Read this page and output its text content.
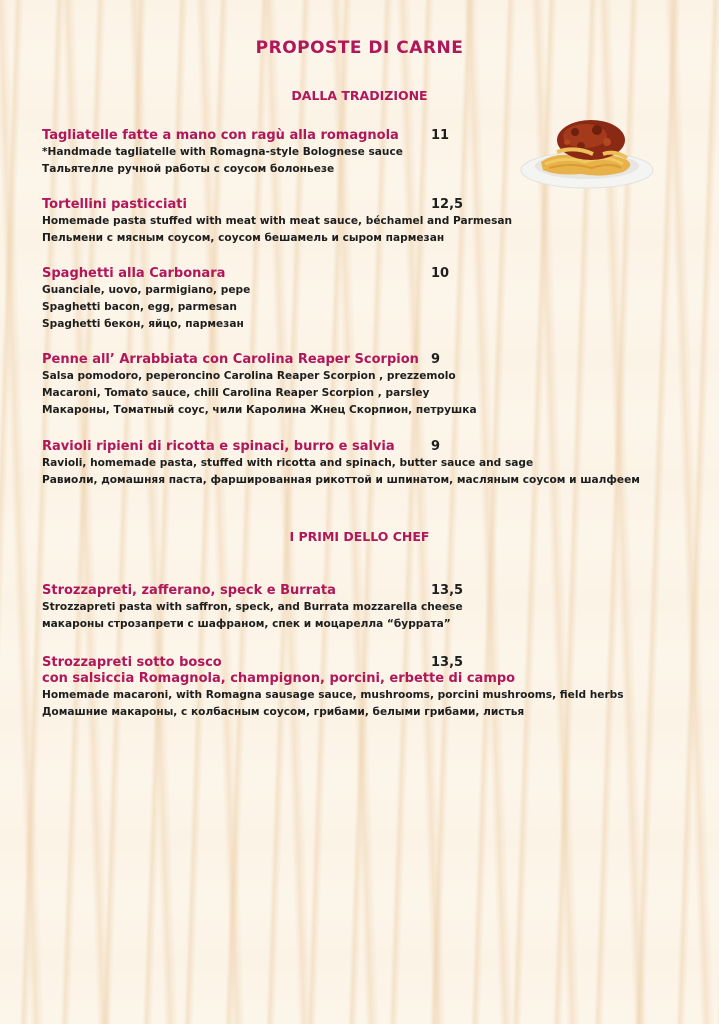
PROPOSTE DI CARNE
DALLA TRADIZIONE
Tagliatelle fatte a mano con ragù alla romagnola 11
*Handmade tagliatelle with Romagna-style Bolognese sauce
Тальятелле ручной работы с соусом болоньезе
Tortellini pasticciati	12,5
Homemade pasta stuffed with meat with meat sauce, béchamel and Parmesan
Пельмени с мясным соусом, соусом бешамель и сыром пармезан
Spaghetti alla Carbonara	10
Guanciale, uovo, parmigiano, pepe
Spaghetti bacon, egg, parmesan
Spaghetti бекон, яйцо, пармезан
Penne all’ Arrabbiata con Carolina Reaper Scorpion 9
Salsa pomodoro, peperoncino Carolina Reaper Scorpion , prezzemolo
Macaroni, Tomato sauce, chili Carolina Reaper Scorpion , parsley
Макароны, Томатный соус, чили Каролина Жнец Скорпион, петрушка
Ravioli ripieni di ricotta e spinaci, burro e salvia	9
Ravioli, homemade pasta, stuffed with ricotta and spinach, butter sauce and sage
Равиоли, домашняя паста, фаршированная рикоттой и шпинатом, масляным соусом и шалфеем
I PRIMI DELLO CHEF
Strozzapreti, zafferano, speck e Burrata	13,5
Strozzapreti pasta with saffron, speck, and Burrata mozzarella cheese
макароны строзапрети с шафраном, спек и моцарелла “буррата”
Strozzapreti sotto bosco	13,5
con salsiccia Romagnola, champignon, porcini, erbette di campo
Homemade macaroni, with Romagna sausage sauce, mushrooms, porcini mushrooms, field herbs
Домашние макароны, с колбасным соусом, грибами, белыми грибами, листья
